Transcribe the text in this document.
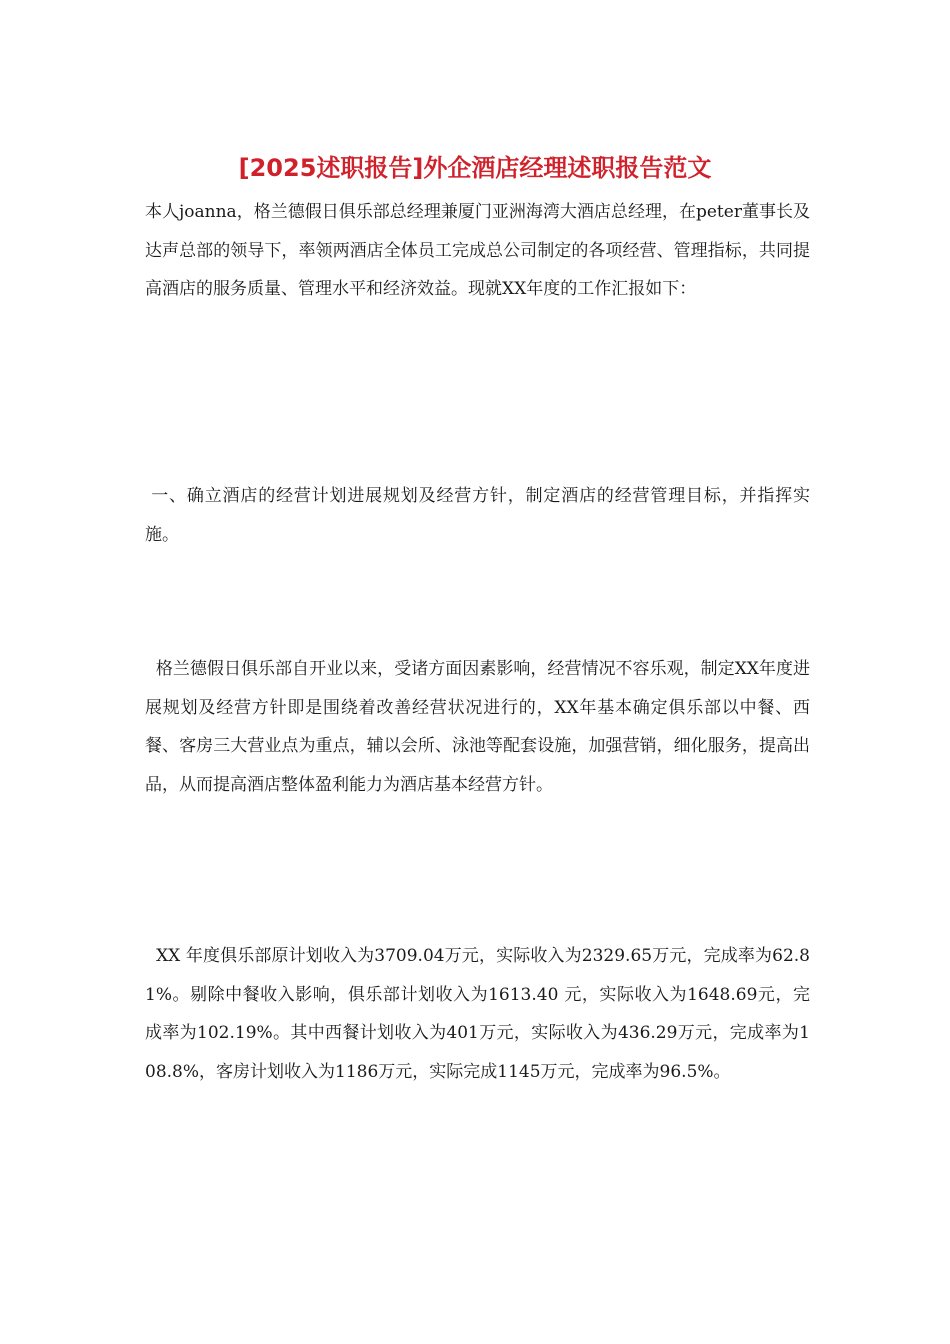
[2025述职报告]外企酒店经理述职报告范文

本人joanna，格兰德假日俱乐部总经理兼厦门亚洲海湾大酒店总经理，在peter董事长及达声总部的领导下，率领两酒店全体员工完成总公司制定的各项经营、管理指标，共同提高酒店的服务质量、管理水平和经济效益。现就XX年度的工作汇报如下：

一、确立酒店的经营计划进展规划及经营方针，制定酒店的经营管理目标，并指挥实施。

格兰德假日俱乐部自开业以来，受诸方面因素影响，经营情况不容乐观，制定XX年度进展规划及经营方针即是围绕着改善经营状况进行的，XX年基本确定俱乐部以中餐、西餐、客房三大营业点为重点，辅以会所、泳池等配套设施，加强营销，细化服务，提高出品，从而提高酒店整体盈利能力为酒店基本经营方针。

XX 年度俱乐部原计划收入为3709.04万元，实际收入为2329.65万元，完成率为62.81%。剔除中餐收入影响，俱乐部计划收入为1613.40 元，实际收入为1648.69元，完成率为102.19%。其中西餐计划收入为401万元，实际收入为436.29万元，完成率为108.8%，客房计划收入为1186万元，实际完成1145万元，完成率为96.5%。
